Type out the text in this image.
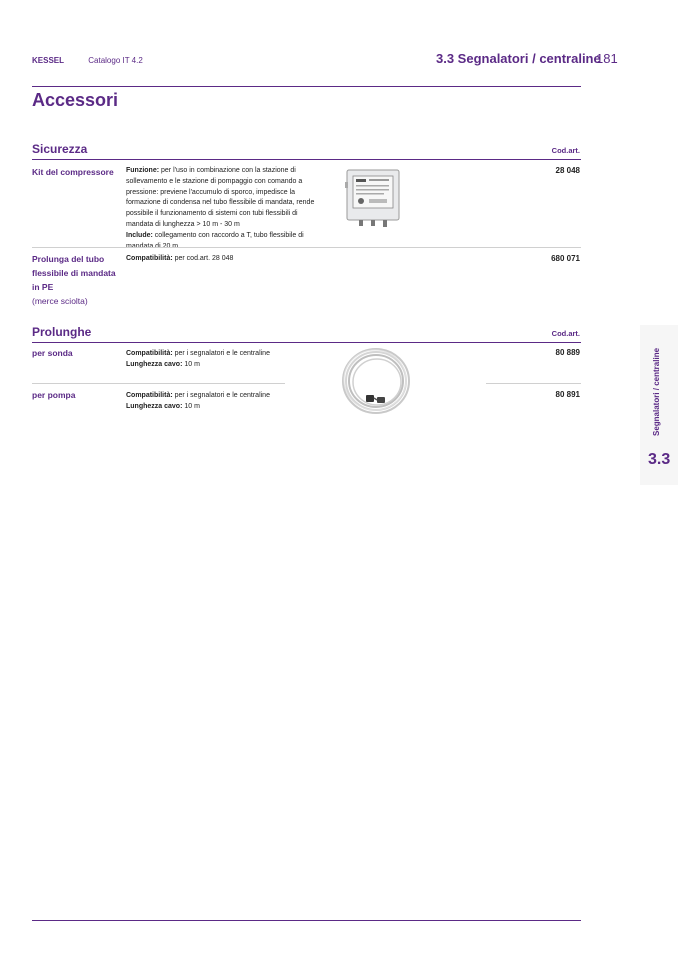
KESSEL	Catalogo IT 4.2	3.3 Segnalatori / centraline
181
Accessori
Sicurezza	Cod.art.
Kit del compressore	Funzione: per l'uso in combinazione con la stazione di sollevamento e le stazione di pompaggio con comando a pressione: previene l'accumulo di sporco, impedisce la formazione di condensa nel tubo flessibile di mandata, rende possibile il funzionamento di sistemi con tubi flessibili di mandata di lunghezza > 10 m - 30 m
Include: collegamento con raccordo a T, tubo flessibile di
28 048
Prolunga del tubo flessibile di mandata in PE
(merce sciolta)
Compatibilità: per cod.art. 28 048	680 071
Prolunghe	Cod.art.
per sonda	Compatibilità: per i segnalatori e le centraline
Lunghezza cavo: 10 m
80 889
per pompa	Compatibilità: per i segnalatori e le centraline
Lunghezza cavo: 10 m
80 891	Segnalatori / centraline
3.3
